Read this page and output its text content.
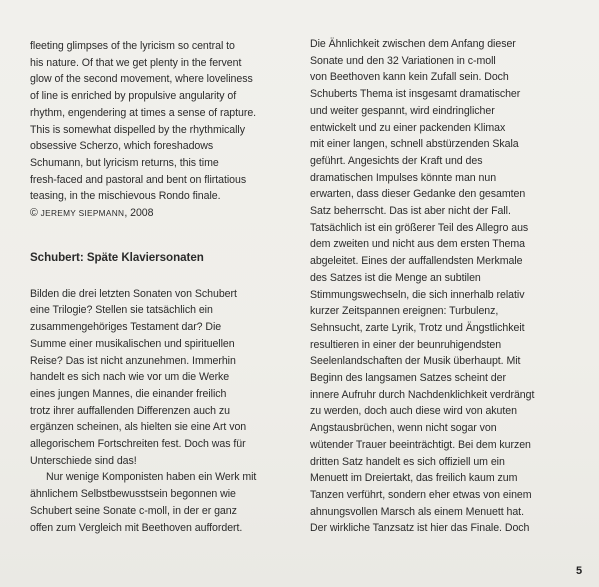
fleeting glimpses of the lyricism so central to
his nature. Of that we get plenty in the fervent
glow of the second movement, where loveliness
of line is enriched by propulsive angularity of
rhythm, engendering at times a sense of rapture.
This is somewhat dispelled by the rhythmically
obsessive Scherzo, which foreshadows
Schumann, but lyricism returns, this time
fresh-faced and pastoral and bent on flirtatious
teasing, in the mischievous Rondo finale.
© JEREMY SIEPMANN, 2008
Schubert: Späte Klaviersonaten
Bilden die drei letzten Sonaten von Schubert
eine Trilogie? Stellen sie tatsächlich ein
zusammengehöriges Testament dar? Die
Summe einer musikalischen und spirituellen
Reise? Das ist nicht anzunehmen. Immerhin
handelt es sich nach wie vor um die Werke
eines jungen Mannes, die einander freilich
trotz ihrer auffallenden Differenzen auch zu
ergänzen scheinen, als hielten sie eine Art von
allegorischem Fortschreiten fest. Doch was für
Unterschiede sind das!
Nur wenige Komponisten haben ein Werk mit
ähnlichem Selbstbewusstsein begonnen wie
Schubert seine Sonate c-moll, in der er ganz
offen zum Vergleich mit Beethoven auffordert.
Die Ähnlichkeit zwischen dem Anfang dieser
Sonate und den 32 Variationen in c-moll
von Beethoven kann kein Zufall sein. Doch
Schuberts Thema ist insgesamt dramatischer
und weiter gespannt, wird eindringlicher
entwickelt und zu einer packenden Klimax
mit einer langen, schnell abstürzenden Skala
geführt. Angesichts der Kraft und des
dramatischen Impulses könnte man nun
erwarten, dass dieser Gedanke den gesamten
Satz beherrscht. Das ist aber nicht der Fall.
Tatsächlich ist ein größerer Teil des Allegro aus
dem zweiten und nicht aus dem ersten Thema
abgeleitet. Eines der auffallendsten Merkmale
des Satzes ist die Menge an subtilen
Stimmungswechseln, die sich innerhalb relativ
kurzer Zeitspannen ereignen: Turbulenz,
Sehnsucht, zarte Lyrik, Trotz und Ängstlichkeit
resultieren in einer der beunruhigendsten
Seelenlandschaften der Musik überhaupt. Mit
Beginn des langsamen Satzes scheint der
innere Aufruhr durch Nachdenklichkeit verdrängt
zu werden, doch auch diese wird von akuten
Angstausbrüchen, wenn nicht sogar von
wütender Trauer beeinträchtigt. Bei dem kurzen
dritten Satz handelt es sich offiziell um ein
Menuett im Dreiertakt, das freilich kaum zum
Tanzen verführt, sondern eher etwas von einem
ahnungsvollen Marsch als einem Menuett hat.
Der wirkliche Tanzsatz ist hier das Finale. Doch
5
